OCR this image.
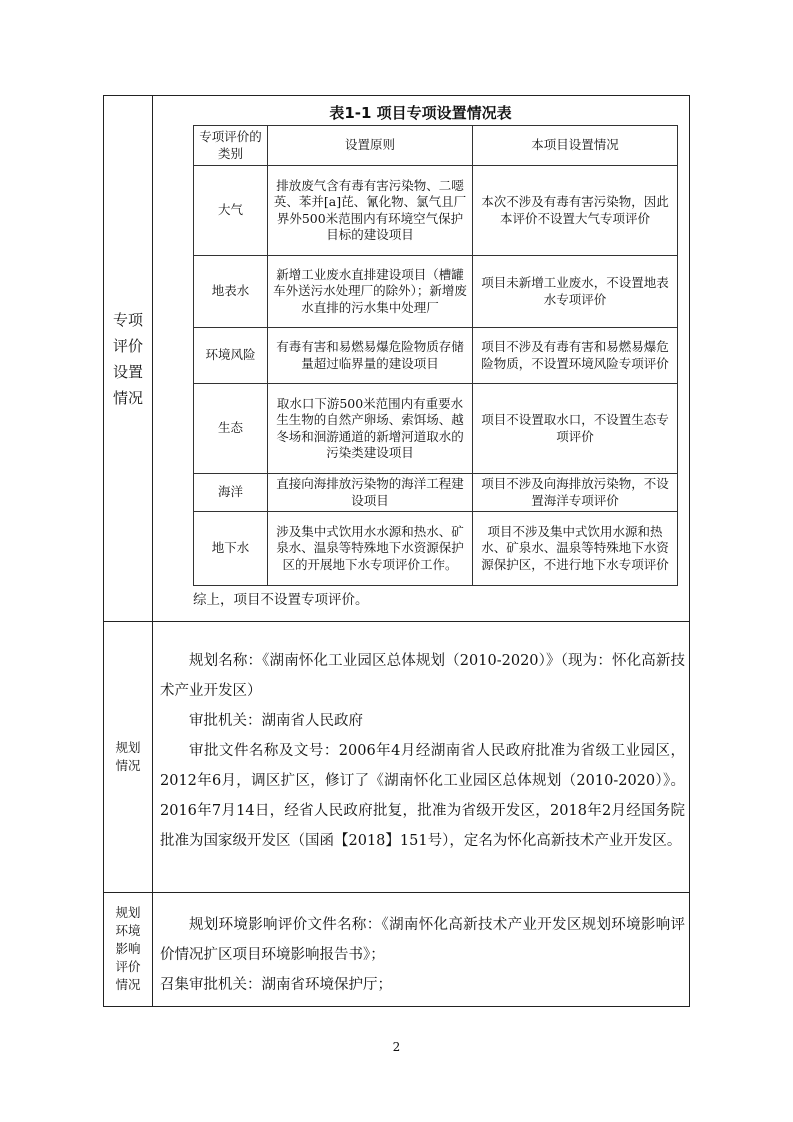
专项
评价
设置
情况
规划
情况
规划
环境
影响
评价
情况
表1-1 项目专项设置情况表
专项评价的类别	设置原则	本项目设置情况
大气	排放废气含有毒有害污染物、二噁英、苯并[a]芘、氰化物、氯气且厂界外500米范围内有环境空气保护目标的建设项目	本次不涉及有毒有害污染物，因此本评价不设置大气专项评价
地表水	新增工业废水直排建设项目（槽罐车外送污水处理厂的除外）；新增废水直排的污水集中处理厂	项目未新增工业废水，不设置地表水专项评价
环境风险	有毒有害和易燃易爆危险物质存储量超过临界量的建设项目	项目不涉及有毒有害和易燃易爆危险物质，不设置环境风险专项评价
生态	取水口下游500米范围内有重要水生生物的自然产卵场、索饵场、越冬场和洄游通道的新增河道取水的污染类建设项目	项目不设置取水口，不设置生态专项评价
海洋	直接向海排放污染物的海洋工程建设项目	项目不涉及向海排放污染物，不设置海洋专项评价
地下水	涉及集中式饮用水水源和热水、矿泉水、温泉等特殊地下水资源保护区的开展地下水专项评价工作。	项目不涉及集中式饮用水源和热水、矿泉水、温泉等特殊地下水资源保护区，不进行地下水专项评价
综上，项目不设置专项评价。
规划名称：《湖南怀化工业园区总体规划（2010-2020）》（现为：怀化高新技术产业开发区）
审批机关：湖南省人民政府
审批文件名称及文号：2006年4月经湖南省人民政府批准为省级工业园区，2012年6月，调区扩区，修订了《湖南怀化工业园区总体规划（2010-2020）》。2016年7月14日，经省人民政府批复，批准为省级开发区，2018年2月经国务院批准为国家级开发区（国函【2018】151号），定名为怀化高新技术产业开发区。
规划环境影响评价文件名称：《湖南怀化高新技术产业开发区规划环境影响评价情况扩区项目环境影响报告书》；
召集审批机关：湖南省环境保护厅；
2
